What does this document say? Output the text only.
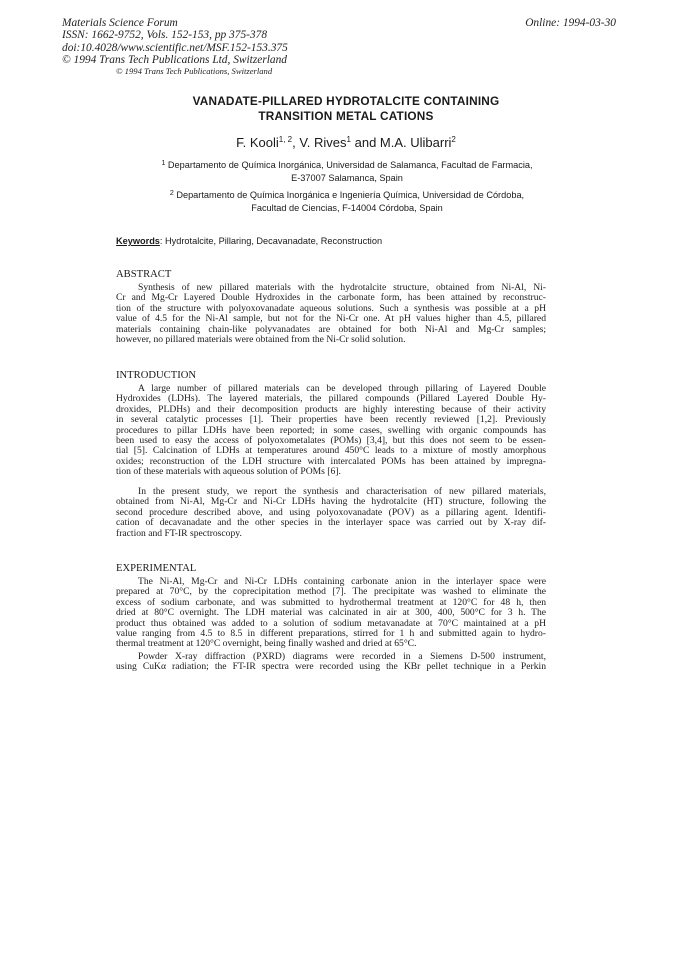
Materials Science Forum
ISSN: 1662-9752, Vols. 152-153, pp 375-378
doi:10.4028/www.scientific.net/MSF.152-153.375
© 1994 Trans Tech Publications Ltd, Switzerland
Online: 1994-03-30
© 1994 Trans Tech Publications, Switzerland
VANADATE-PILLARED HYDROTALCITE CONTAINING
TRANSITION METAL CATIONS
F. Kooli$^{1, 2}$, V. Rives$^1$ and M.A. Ulibarri$^2$
$^1$ Departamento de Química Inorgánica, Universidad de Salamanca, Facultad de Farmacia,
E-37007 Salamanca, Spain
$^2$ Departamento de Química Inorgánica e Ingeniería Química, Universidad de Córdoba,
Facultad de Ciencias, F-14004 Córdoba, Spain
Keywords: Hydrotalcite, Pillaring, Decavanadate, Reconstruction
ABSTRACT
Synthesis of new pillared materials with the hydrotalcite structure, obtained from Ni-Al, Ni-
Cr and Mg-Cr Layered Double Hydroxides in the carbonate form, has been attained by reconstruc-
tion of the structure with polyoxovanadate aqueous solutions. Such a synthesis was possible at a pH
value of 4.5 for the Ni-Al sample, but not for the Ni-Cr one. At pH values higher than 4.5, pillared
materials containing chain-like polyvanadates are obtained for both Ni-Al and Mg-Cr samples;
however, no pillared materials were obtained from the Ni-Cr solid solution.
INTRODUCTION
A large number of pillared materials can be developed through pillaring of Layered Double
Hydroxides (LDHs). The layered materials, the pillared compounds (Pillared Layered Double Hy-
droxides, PLDHs) and their decomposition products are highly interesting because of their activity
in several catalytic processes [1]. Their properties have been recently reviewed [1,2]. Previously
procedures to pillar LDHs have been reported; in some cases, swelling with organic compounds has
been used to easy the access of polyoxometalates (POMs) [3,4], but this does not seem to be essen-
tial [5]. Calcination of LDHs at temperatures around 450°C leads to a mixture of mostly amorphous
oxides; reconstruction of the LDH structure with intercalated POMs has been attained by impregna-
tion of these materials with aqueous solution of POMs [6].
In the present study, we report the synthesis and characterisation of new pillared materials,
obtained from Ni-Al, Mg-Cr and Ni-Cr LDHs having the hydrotalcite (HT) structure, following the
second procedure described above, and using polyoxovanadate (POV) as a pillaring agent. Identifi-
cation of decavanadate and the other species in the interlayer space was carried out by X-ray dif-
fraction and FT-IR spectroscopy.
EXPERIMENTAL
The Ni-Al, Mg-Cr and Ni-Cr LDHs containing carbonate anion in the interlayer space were
prepared at 70°C, by the coprecipitation method [7]. The precipitate was washed to eliminate the
excess of sodium carbonate, and was submitted to hydrothermal treatment at 120°C for 48 h, then
dried at 80°C overnight. The LDH material was calcinated in air at 300, 400, 500°C for 3 h. The
product thus obtained was added to a solution of sodium metavanadate at 70°C maintained at a pH
value ranging from 4.5 to 8.5 in different preparations, stirred for 1 h and submitted again to hydro-
thermal treatment at 120°C overnight, being finally washed and dried at 65°C.
Powder X-ray diffraction (PXRD) diagrams were recorded in a Siemens D-500 instrument,
using CuKα radiation; the FT-IR spectra were recorded using the KBr pellet technique in a Perkin
